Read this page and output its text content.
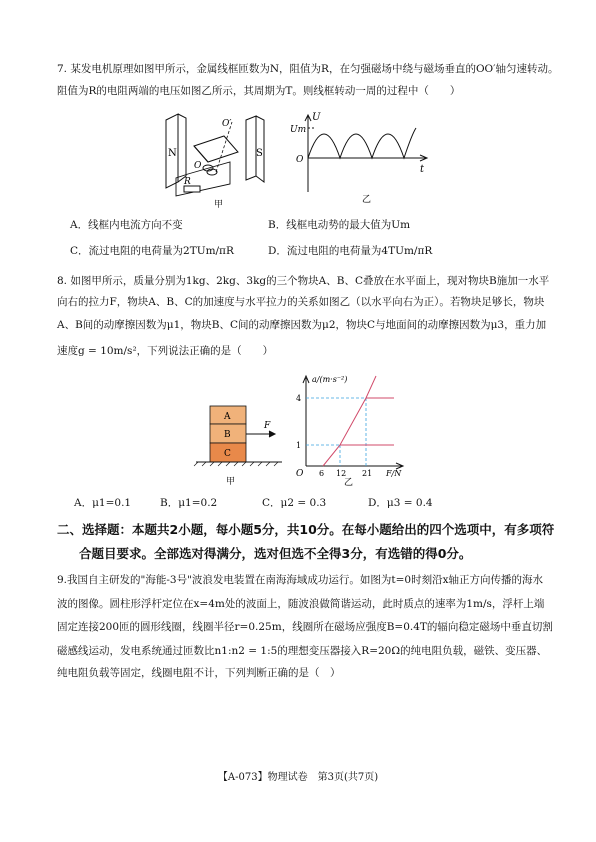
7. 某发电机原理如图甲所示，金属线框匝数为N，阻值为R，在匀强磁场中绕与磁场垂直的OO′轴匀速转动。
阻值为R的电阻两端的电压如图乙所示，其周期为T。则线框转动一周的过程中（　　）
N	S
O′
O
R
甲
U
Um
O
t
乙
A．线框内电流方向不变	B．线框电动势的最大值为Um
C．流过电阻的电荷量为2TUm/πR	D．流过电阻的电荷量为4TUm/πR
8. 如图甲所示，质量分别为1kg、2kg、3kg的三个物块A、B、C叠放在水平面上，现对物块B施加一水平
向右的拉力F，物块A、B、C的加速度与水平拉力的关系如图乙（以水平向右为正）。若物块足够长，物块
A、B间的动摩擦因数为μ1，物块B、C间的动摩擦因数为μ2，物块C与地面间的动摩擦因数为μ3，重力加
速度g = 10m/s²，下列说法正确的是（　　）
A
B
C
F
甲
a/(m·s⁻²)
4
1
O 6 12 21 F/N
乙
A．μ1=0.1	B．μ1=0.2	C．μ2 = 0.3	D．μ3 = 0.4
二、选择题：本题共2小题，每小题5分，共10分。在每小题给出的四个选项中，有多项符
合题目要求。全部选对得满分，选对但选不全得3分，有选错的得0分。
9.我国自主研发的"海能-3号"波浪发电装置在南海海域成功运行。如图为t=0时刻沿x轴正方向传播的海水
波的图像。圆柱形浮杆定位在x=4m处的波面上，随波浪做简谐运动，此时质点的速率为1m/s，浮杆上端
固定连接200匝的圆形线圈，线圈半径r=0.25m，线圈所在磁场应强度B=0.4T的辐向稳定磁场中垂直切割
磁感线运动，发电系统通过匝数比n1:n2 = 1:5的理想变压器接入R=20Ω的纯电阻负载，磁铁、变压器、
纯电阻负载等固定，线圈电阻不计，下列判断正确的是（　）
【A-073】物理试卷　第3页(共7页)
